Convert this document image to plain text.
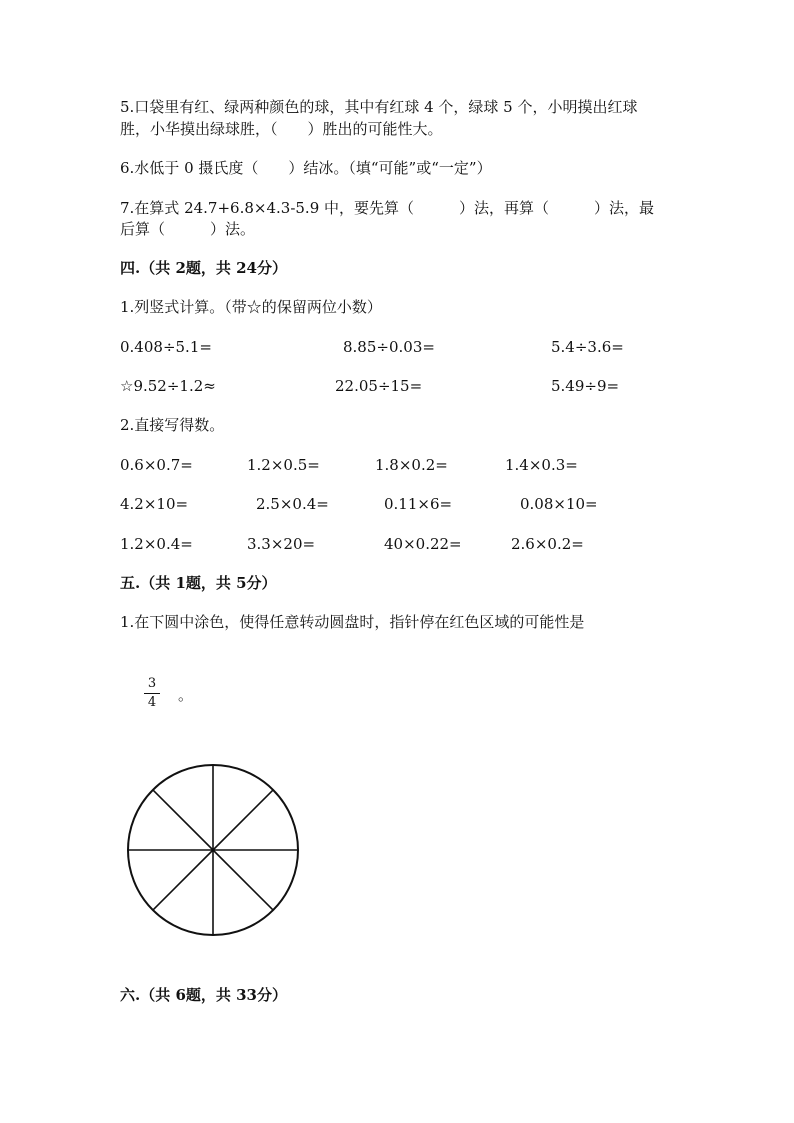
5.口袋里有红、绿两种颜色的球，其中有红球 4 个，绿球 5 个，小明摸出红球
胜，小华摸出绿球胜，（　　）胜出的可能性大。
6.水低于 0 摄氏度（　　）结冰。（填“可能”或“一定”）
7.在算式 24.7+6.8×4.3-5.9 中，要先算（　　　）法，再算（　　　）法，最
后算（　　　）法。
四.（共 2题，共 24分）
1.列竖式计算。（带☆的保留两位小数）
0.408÷5.1=	8.85÷0.03=	5.4÷3.6=
☆9.52÷1.2≈	22.05÷15=	5.49÷9=
2.直接写得数。
0.6×0.7=	1.2×0.5=	1.8×0.2=	1.4×0.3=
4.2×10=	2.5×0.4=	0.11×6=	0.08×10=
1.2×0.4=	3.3×20=	40×0.22=	2.6×0.2=
五.（共 1题，共 5分）
1.在下圆中涂色，使得任意转动圆盘时，指针停在红色区域的可能性是
3
4	。
六.（共 6题，共 33分）
